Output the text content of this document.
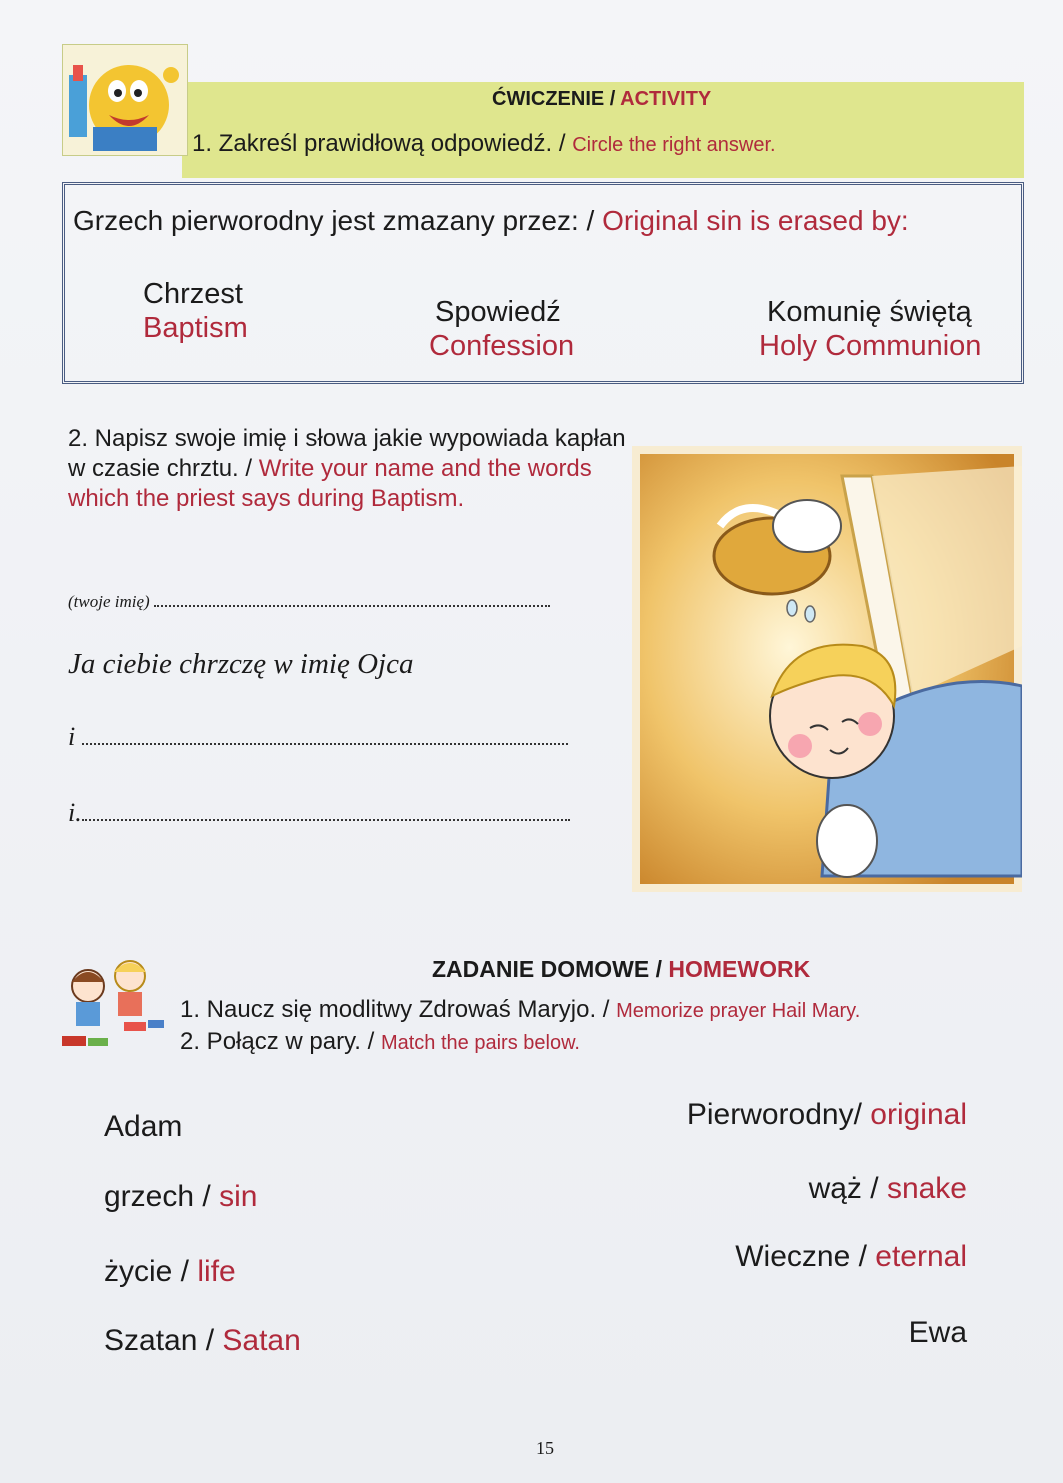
ĆWICZENIE / ACTIVITY
1. Zakreśl prawidłową odpowiedź. / Circle the right answer.
Grzech pierworodny jest zmazany przez: / Original sin is erased by:
Chrzest
Baptism	Spowiedź
Confession
Komunię świętą
Holy Communion
2. Napisz swoje imię i słowa jakie wypowiada kapłan w czasie chrztu. / Write your name and the words which the priest says during Baptism.
(twoje imię)
Ja ciebie chrzczę w imię Ojca
i
i.
ZADANIE DOMOWE / HOMEWORK
1. Naucz się modlitwy Zdrowaś Maryjo. / Memorize prayer Hail Mary.
2. Połącz w pary. / Match the pairs below.
Adam
grzech / sin
życie / life
Szatan / Satan
Pierworodny/ original
wąż / snake
Wieczne / eternal
Ewa
15
